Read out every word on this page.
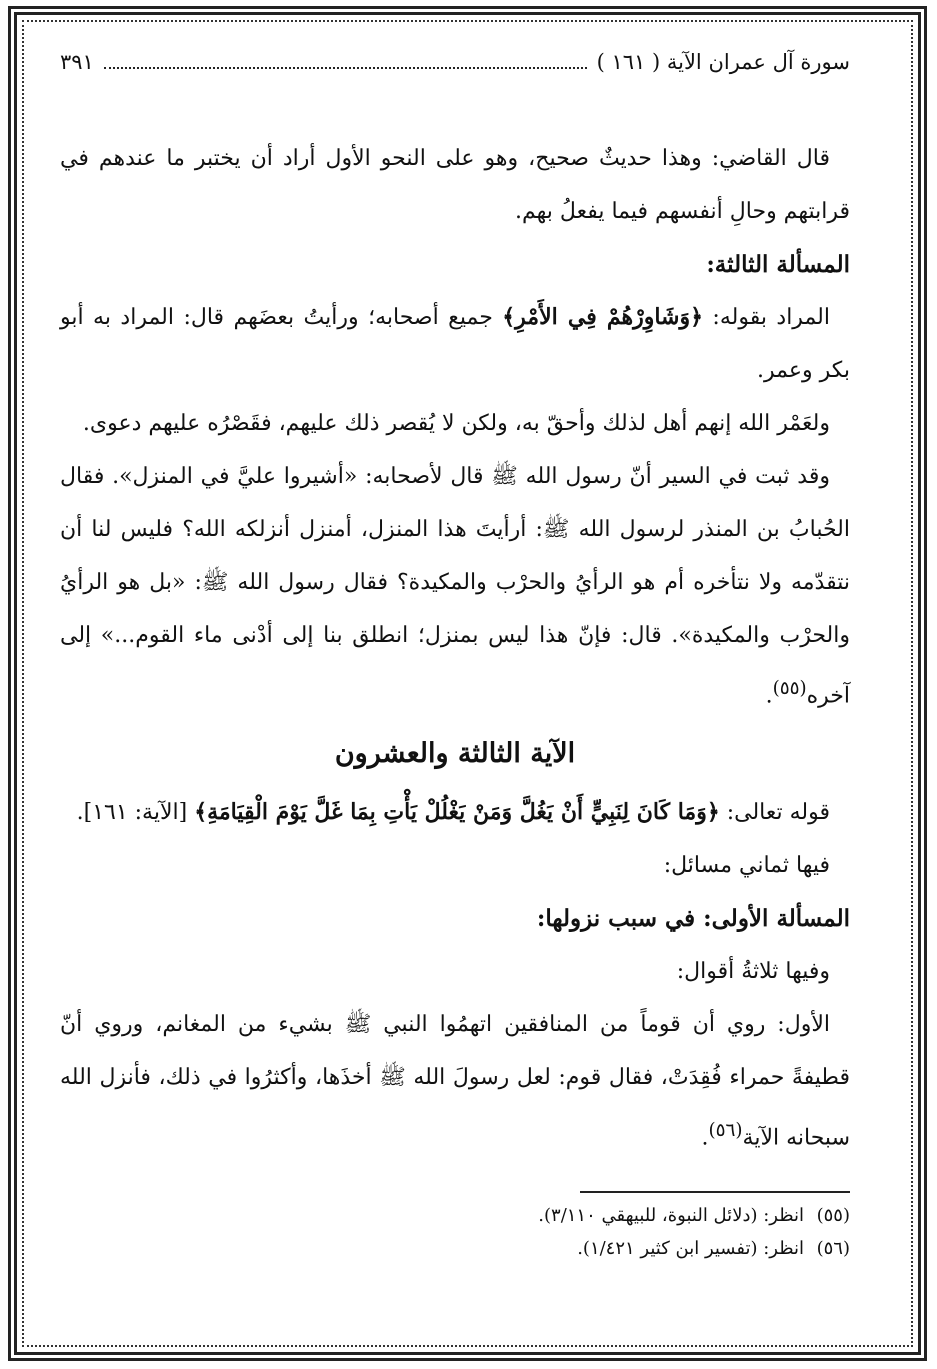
سورة آل عمران الآية ( ١٦١ )
٣٩١

قال القاضي: وهذا حديثٌ صحيح، وهو على النحو الأول أراد أن يختبر ما عندهم في قرابتهم وحالِ أنفسهم فيما يفعلُ بهم.

المسألة الثالثة:

المراد بقوله: ﴿وَشَاوِرْهُمْ فِي الأَمْرِ﴾ جميع أصحابه؛ ورأيتُ بعضَهم قال: المراد به أبو بكر وعمر.

ولعَمْر الله إنهم أهل لذلك وأحقّ به، ولكن لا يُقصر ذلك عليهم، فقَصْرُه عليهم دعوى.

وقد ثبت في السير أنّ رسول الله ﷺ قال لأصحابه: «أشيروا عليَّ في المنزل». فقال الحُبابُ بن المنذر لرسول الله ﷺ: أرأيتَ هذا المنزل، أمنزل أنزلكه الله؟ فليس لنا أن نتقدّمه ولا نتأخره أم هو الرأيُ والحرْب والمكيدة؟ فقال رسول الله ﷺ: «بل هو الرأيُ والحرْب والمكيدة». قال: فإنّ هذا ليس بمنزل؛ انطلق بنا إلى أدْنى ماء القوم...» إلى آخره$^{(٥٥)}$.

الآية الثالثة والعشرون

قوله تعالى: ﴿وَمَا كَانَ لِنَبِيٍّ أَنْ يَغُلَّ وَمَنْ يَغْلُلْ يَأْتِ بِمَا غَلَّ يَوْمَ الْقِيَامَةِ﴾ [الآية: ١٦١].

فيها ثماني مسائل:

المسألة الأولى: في سبب نزولها:

وفيها ثلاثةُ أقوال:

الأول: روي أن قوماً من المنافقين اتهمُوا النبي ﷺ بشيء من المغانم، وروي أنّ قطيفةً حمراء فُقِدَتْ، فقال قوم: لعل رسولَ الله ﷺ أخذَها، وأكثرُوا في ذلك، فأنزل الله سبحانه الآية$^{(٥٦)}$.

(٥٥)انظر: (دلائل النبوة، للبيهقي ٣/١١٠).

(٥٦)انظر: (تفسير ابن كثير ١/٤٢١).
